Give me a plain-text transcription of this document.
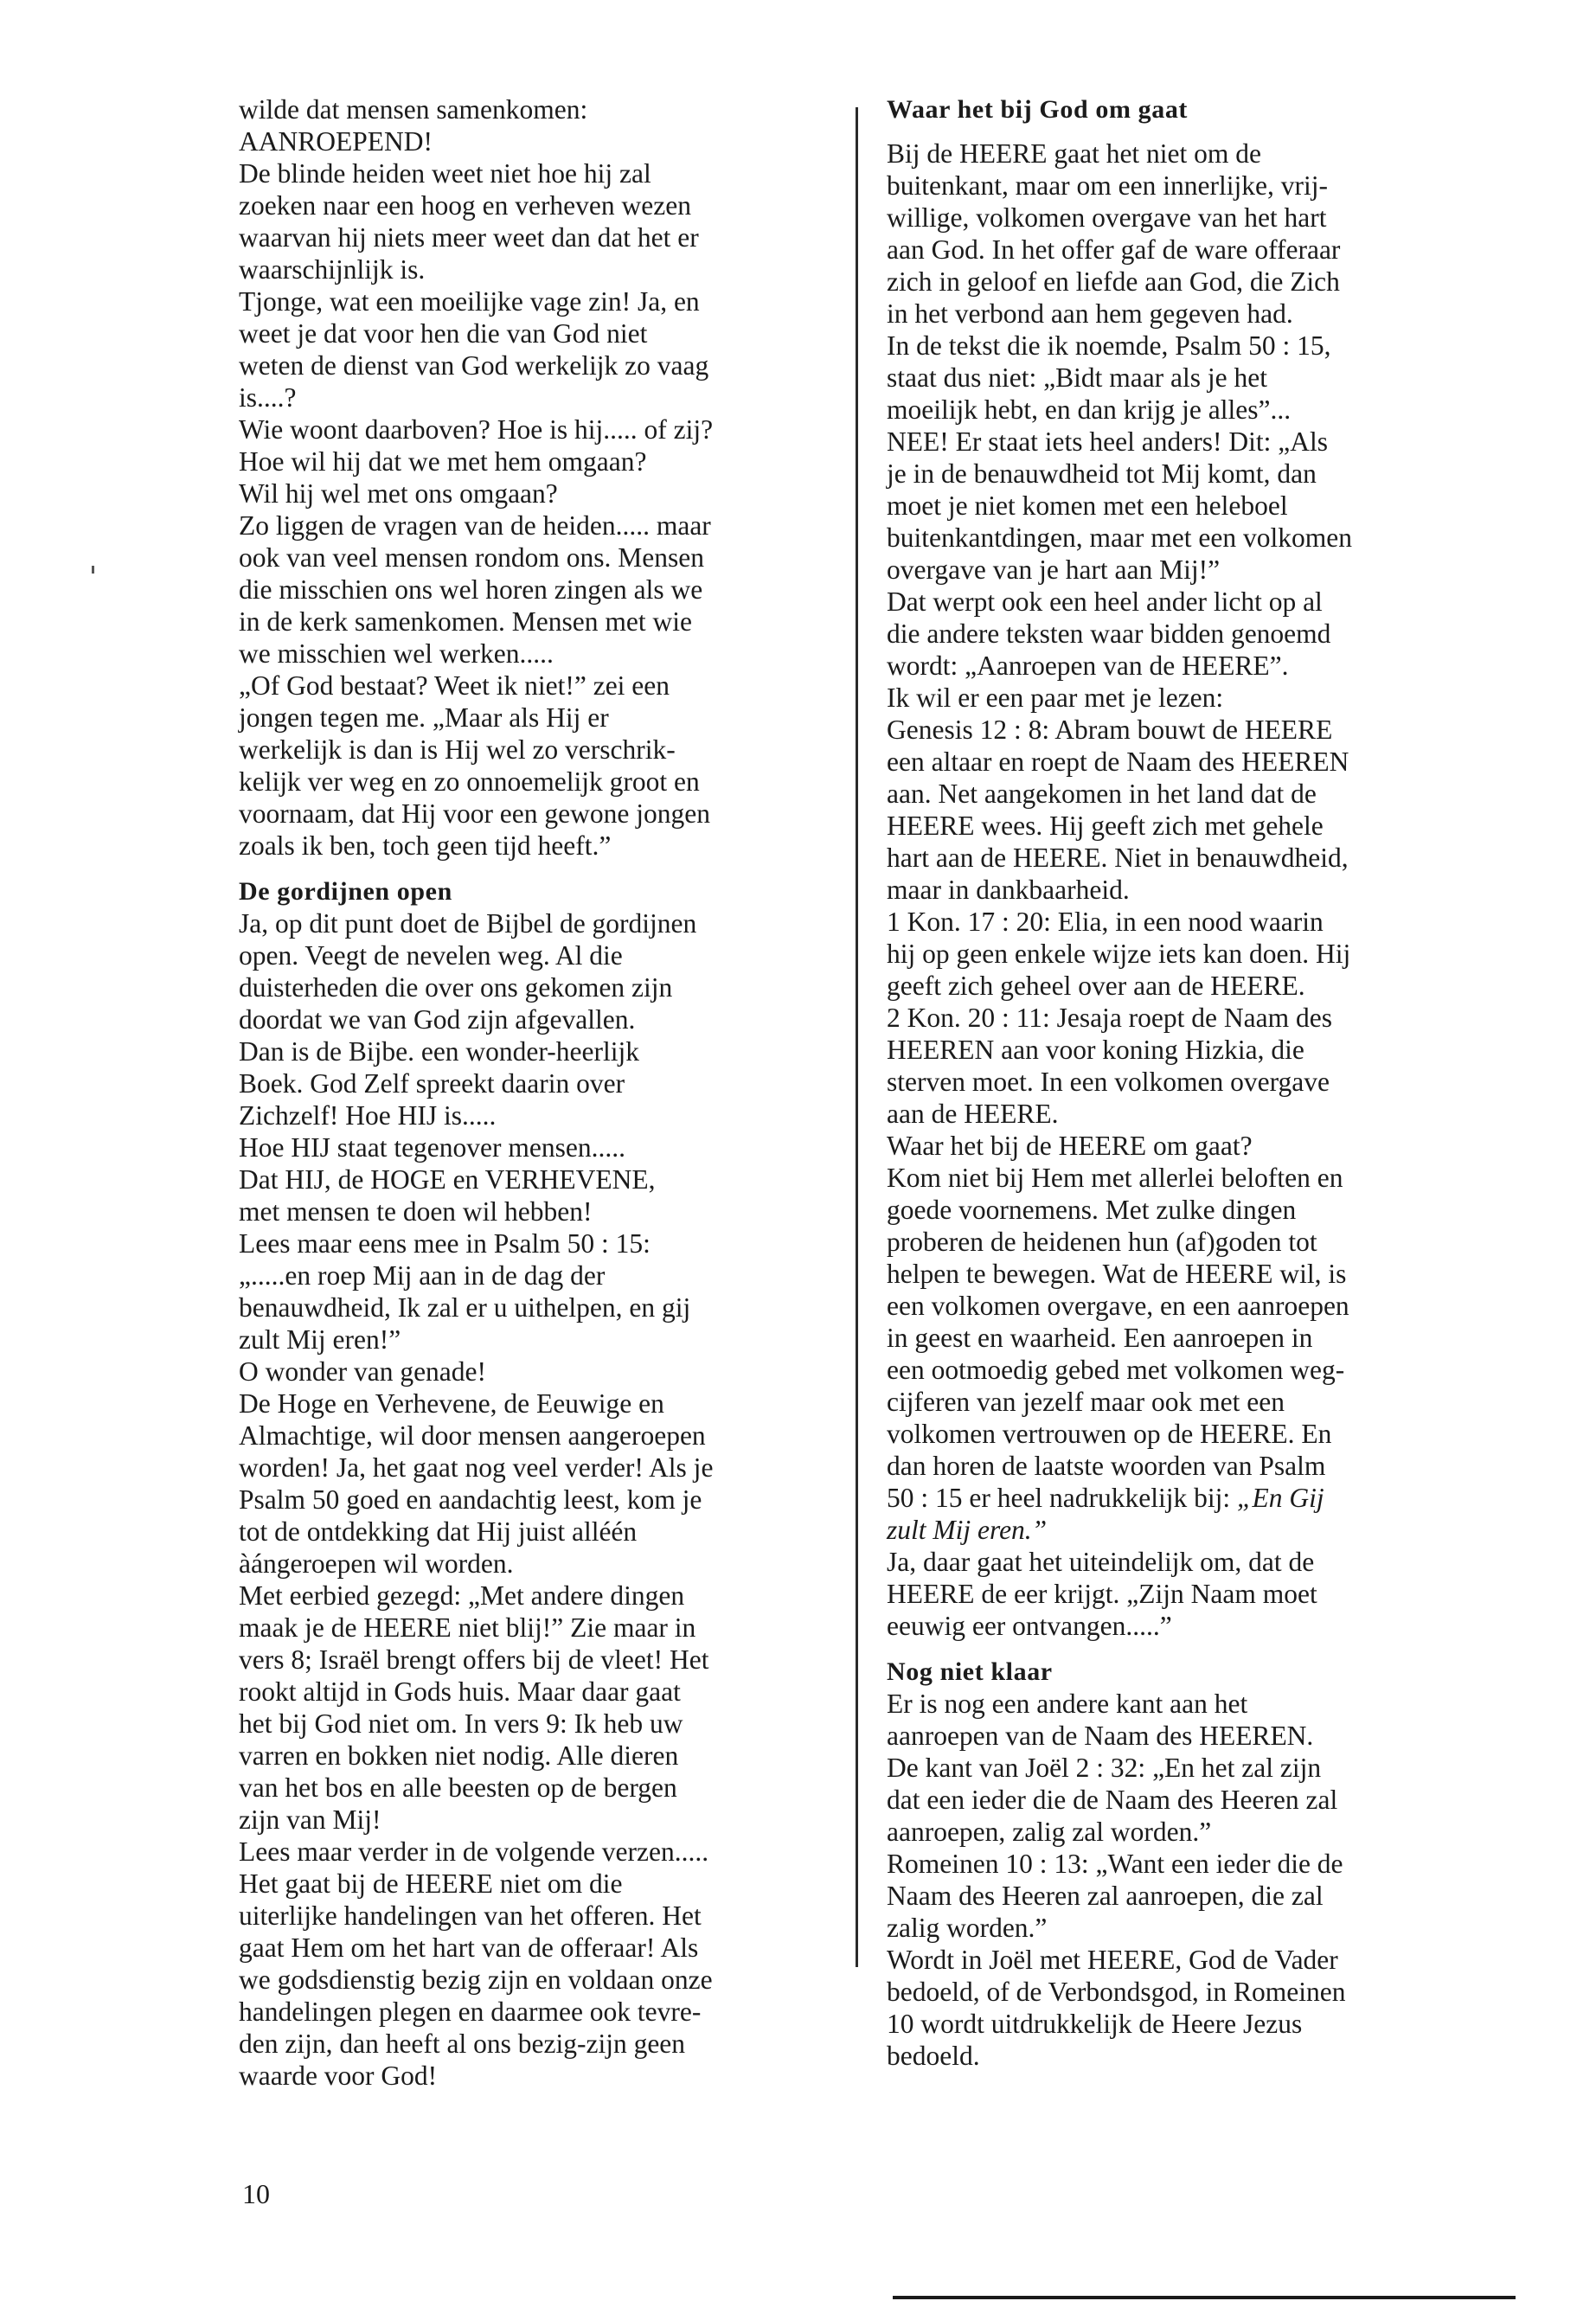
wilde dat mensen samenkomen:
AANROEPEND!
De blinde heiden weet niet hoe hij zal
zoeken naar een hoog en verheven wezen
waarvan hij niets meer weet dan dat het er
waarschijnlijk is.
Tjonge, wat een moeilijke vage zin! Ja, en
weet je dat voor hen die van God niet
weten de dienst van God werkelijk zo vaag
is....?
Wie woont daarboven? Hoe is hij..... of zij?
Hoe wil hij dat we met hem omgaan?
Wil hij wel met ons omgaan?
Zo liggen de vragen van de heiden..... maar
ook van veel mensen rondom ons. Mensen
die misschien ons wel horen zingen als we
in de kerk samenkomen. Mensen met wie
we misschien wel werken.....
„Of God bestaat? Weet ik niet!” zei een
jongen tegen me. „Maar als Hij er
werkelijk is dan is Hij wel zo verschrik-
kelijk ver weg en zo onnoemelijk groot en
voornaam, dat Hij voor een gewone jongen
zoals ik ben, toch geen tijd heeft.”
De gordijnen open
Ja, op dit punt doet de Bijbel de gordijnen
open. Veegt de nevelen weg. Al die
duisterheden die over ons gekomen zijn
doordat we van God zijn afgevallen.
Dan is de Bijbe. een wonder-heerlijk
Boek. God Zelf spreekt daarin over
Zichzelf! Hoe HIJ is.....
Hoe HIJ staat tegenover mensen.....
Dat HIJ, de HOGE en VERHEVENE,
met mensen te doen wil hebben!
Lees maar eens mee in Psalm 50 : 15:
„.....en roep Mij aan in de dag der
benauwdheid, Ik zal er u uithelpen, en gij
zult Mij eren!”
O wonder van genade!
De Hoge en Verhevene, de Eeuwige en
Almachtige, wil door mensen aangeroepen
worden! Ja, het gaat nog veel verder! Als je
Psalm 50 goed en aandachtig leest, kom je
tot de ontdekking dat Hij juist alléén
àángeroepen wil worden.
Met eerbied gezegd: „Met andere dingen
maak je de HEERE niet blij!” Zie maar in
vers 8; Israël brengt offers bij de vleet! Het
rookt altijd in Gods huis. Maar daar gaat
het bij God niet om. In vers 9: Ik heb uw
varren en bokken niet nodig. Alle dieren
van het bos en alle beesten op de bergen
zijn van Mij!
Lees maar verder in de volgende verzen.....
Het gaat bij de HEERE niet om die
uiterlijke handelingen van het offeren. Het
gaat Hem om het hart van de offeraar! Als
we godsdienstig bezig zijn en voldaan onze
handelingen plegen en daarmee ook tevre-
den zijn, dan heeft al ons bezig-zijn geen
waarde voor God!
Waar het bij God om gaat
Bij de HEERE gaat het niet om de
buitenkant, maar om een innerlijke, vrij-
willige, volkomen overgave van het hart
aan God. In het offer gaf de ware offeraar
zich in geloof en liefde aan God, die Zich
in het verbond aan hem gegeven had.
In de tekst die ik noemde, Psalm 50 : 15,
staat dus niet: „Bidt maar als je het
moeilijk hebt, en dan krijg je alles”...
NEE! Er staat iets heel anders! Dit: „Als
je in de benauwdheid tot Mij komt, dan
moet je niet komen met een heleboel
buitenkantdingen, maar met een volkomen
overgave van je hart aan Mij!”
Dat werpt ook een heel ander licht op al
die andere teksten waar bidden genoemd
wordt: „Aanroepen van de HEERE”.
Ik wil er een paar met je lezen:
Genesis 12 : 8: Abram bouwt de HEERE
een altaar en roept de Naam des HEEREN
aan. Net aangekomen in het land dat de
HEERE wees. Hij geeft zich met gehele
hart aan de HEERE. Niet in benauwdheid,
maar in dankbaarheid.
1 Kon. 17 : 20: Elia, in een nood waarin
hij op geen enkele wijze iets kan doen. Hij
geeft zich geheel over aan de HEERE.
2 Kon. 20 : 11: Jesaja roept de Naam des
HEEREN aan voor koning Hizkia, die
sterven moet. In een volkomen overgave
aan de HEERE.
Waar het bij de HEERE om gaat?
Kom niet bij Hem met allerlei beloften en
goede voornemens. Met zulke dingen
proberen de heidenen hun (af)goden tot
helpen te bewegen. Wat de HEERE wil, is
een volkomen overgave, en een aanroepen
in geest en waarheid. Een aanroepen in
een ootmoedig gebed met volkomen weg-
cijferen van jezelf maar ook met een
volkomen vertrouwen op de HEERE. En
dan horen de laatste woorden van Psalm
50 : 15 er heel nadrukkelijk bij: „En Gij
zult Mij eren.”
Ja, daar gaat het uiteindelijk om, dat de
HEERE de eer krijgt. „Zijn Naam moet
eeuwig eer ontvangen.....”
Nog niet klaar
Er is nog een andere kant aan het
aanroepen van de Naam des HEEREN.
De kant van Joël 2 : 32: „En het zal zijn
dat een ieder die de Naam des Heeren zal
aanroepen, zalig zal worden.”
Romeinen 10 : 13: „Want een ieder die de
Naam des Heeren zal aanroepen, die zal
zalig worden.”
Wordt in Joël met HEERE, God de Vader
bedoeld, of de Verbondsgod, in Romeinen
10 wordt uitdrukkelijk de Heere Jezus
bedoeld.
10
